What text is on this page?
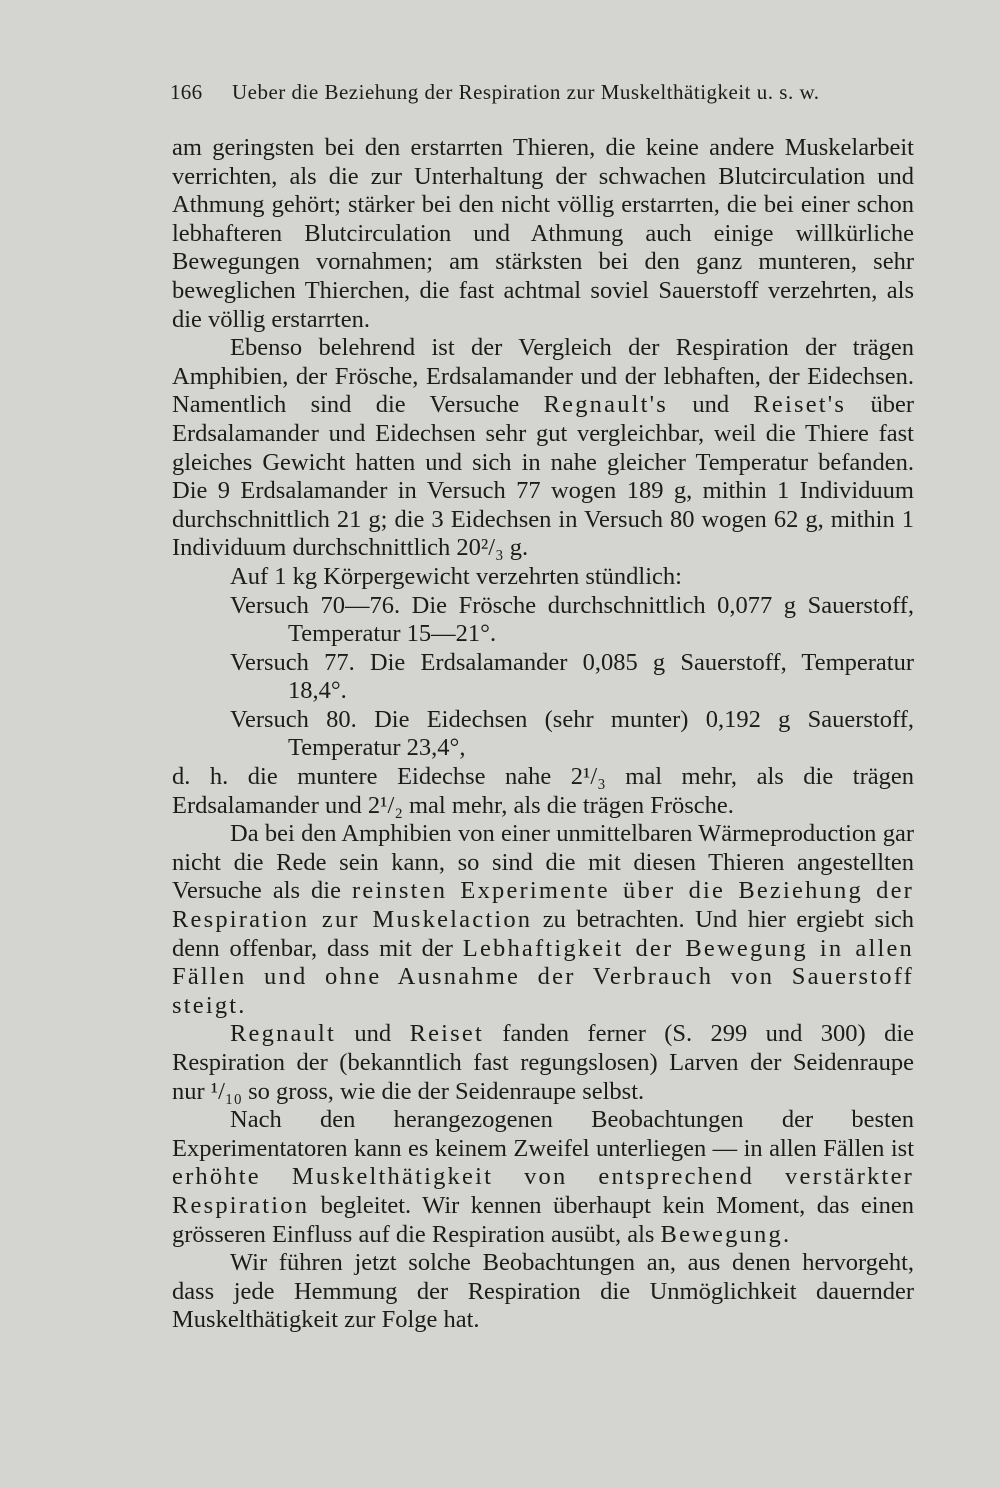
166 Ueber die Beziehung der Respiration zur Muskelthätigkeit u. s. w.

am geringsten bei den erstarrten Thieren, die keine andere Muskelarbeit verrichten, als die zur Unterhaltung der schwachen Blutcirculation und Athmung gehört; stärker bei den nicht völlig erstarrten, die bei einer schon lebhafteren Blutcirculation und Athmung auch einige willkürliche Bewegungen vornahmen; am stärksten bei den ganz munteren, sehr beweglichen Thierchen, die fast achtmal soviel Sauerstoff verzehrten, als die völlig erstarrten.

Ebenso belehrend ist der Vergleich der Respiration der trägen Amphibien, der Frösche, Erdsalamander und der lebhaften, der Eidechsen. Namentlich sind die Versuche Regnault's und Reiset's über Erdsalamander und Eidechsen sehr gut vergleichbar, weil die Thiere fast gleiches Gewicht hatten und sich in nahe gleicher Temperatur befanden. Die 9 Erdsalamander in Versuch 77 wogen 189 g, mithin 1 Individuum durchschnittlich 21 g; die 3 Eidechsen in Versuch 80 wogen 62 g, mithin 1 Individuum durchschnittlich 20²/₃ g.

Auf 1 kg Körpergewicht verzehrten stündlich:

Versuch 70—76. Die Frösche durchschnittlich 0,077 g Sauerstoff, Temperatur 15—21°.

Versuch 77. Die Erdsalamander 0,085 g Sauerstoff, Temperatur 18,4°.

Versuch 80. Die Eidechsen (sehr munter) 0,192 g Sauerstoff, Temperatur 23,4°,

d. h. die muntere Eidechse nahe 2¹/₃ mal mehr, als die trägen Erdsalamander und 2¹/₂ mal mehr, als die trägen Frösche.

Da bei den Amphibien von einer unmittelbaren Wärmeproduction gar nicht die Rede sein kann, so sind die mit diesen Thieren angestellten Versuche als die reinsten Experimente über die Beziehung der Respiration zur Muskelaction zu betrachten. Und hier ergiebt sich denn offenbar, dass mit der Lebhaftigkeit der Bewegung in allen Fällen und ohne Ausnahme der Verbrauch von Sauerstoff steigt.

Regnault und Reiset fanden ferner (S. 299 und 300) die Respiration der (bekanntlich fast regungslosen) Larven der Seidenraupe nur ¹/₁₀ so gross, wie die der Seidenraupe selbst.

Nach den herangezogenen Beobachtungen der besten Experimentatoren kann es keinem Zweifel unterliegen — in allen Fällen ist erhöhte Muskelthätigkeit von entsprechend verstärkter Respiration begleitet. Wir kennen überhaupt kein Moment, das einen grösseren Einfluss auf die Respiration ausübt, als Bewegung.

Wir führen jetzt solche Beobachtungen an, aus denen hervorgeht, dass jede Hemmung der Respiration die Unmöglichkeit dauernder Muskelthätigkeit zur Folge hat.
